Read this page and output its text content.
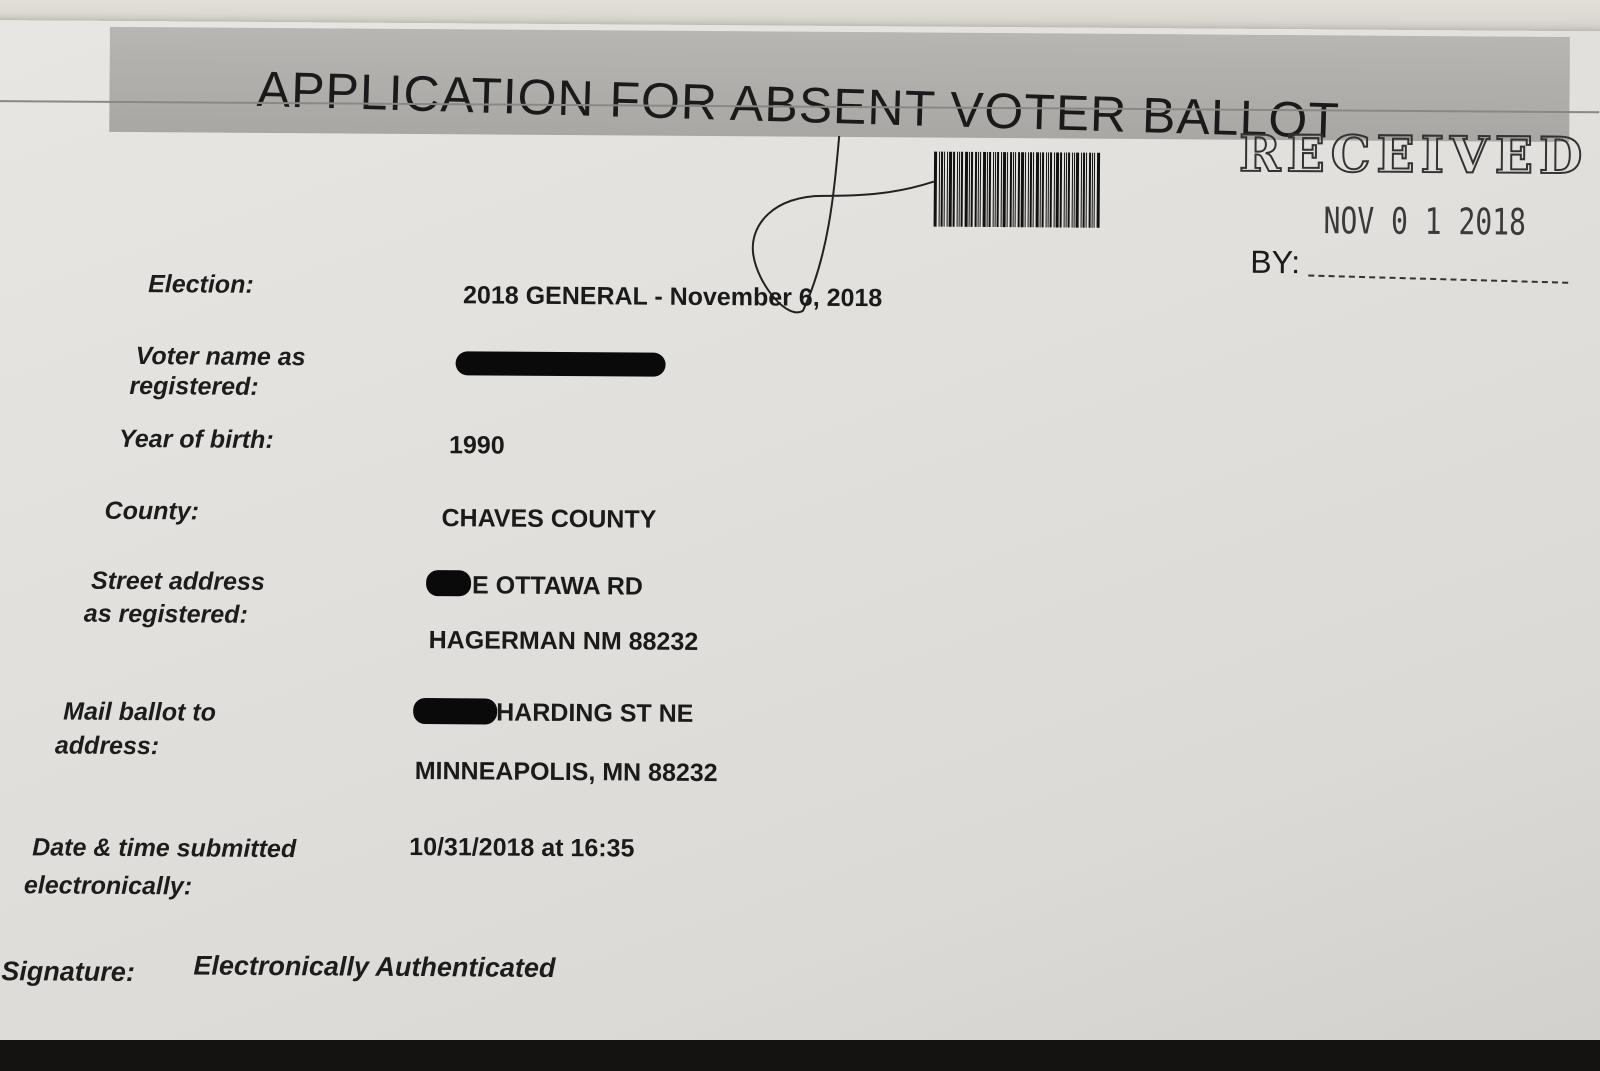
APPLICATION FOR ABSENT VOTER BALLOT
RECEIVED
NOV 0 1 2018
BY:
Election:	2018 GENERAL - November 6, 2018
Voter name as
registered:
Year of birth:	1990
County:	CHAVES COUNTY
Street address
as registered:
E OTTAWA RD
HAGERMAN NM 88232
Mail ballot to
address:
HARDING ST NE
MINNEAPOLIS, MN 88232
Date & time submitted
electronically:
10/31/2018 at 16:35
Signature: Electronically Authenticated
